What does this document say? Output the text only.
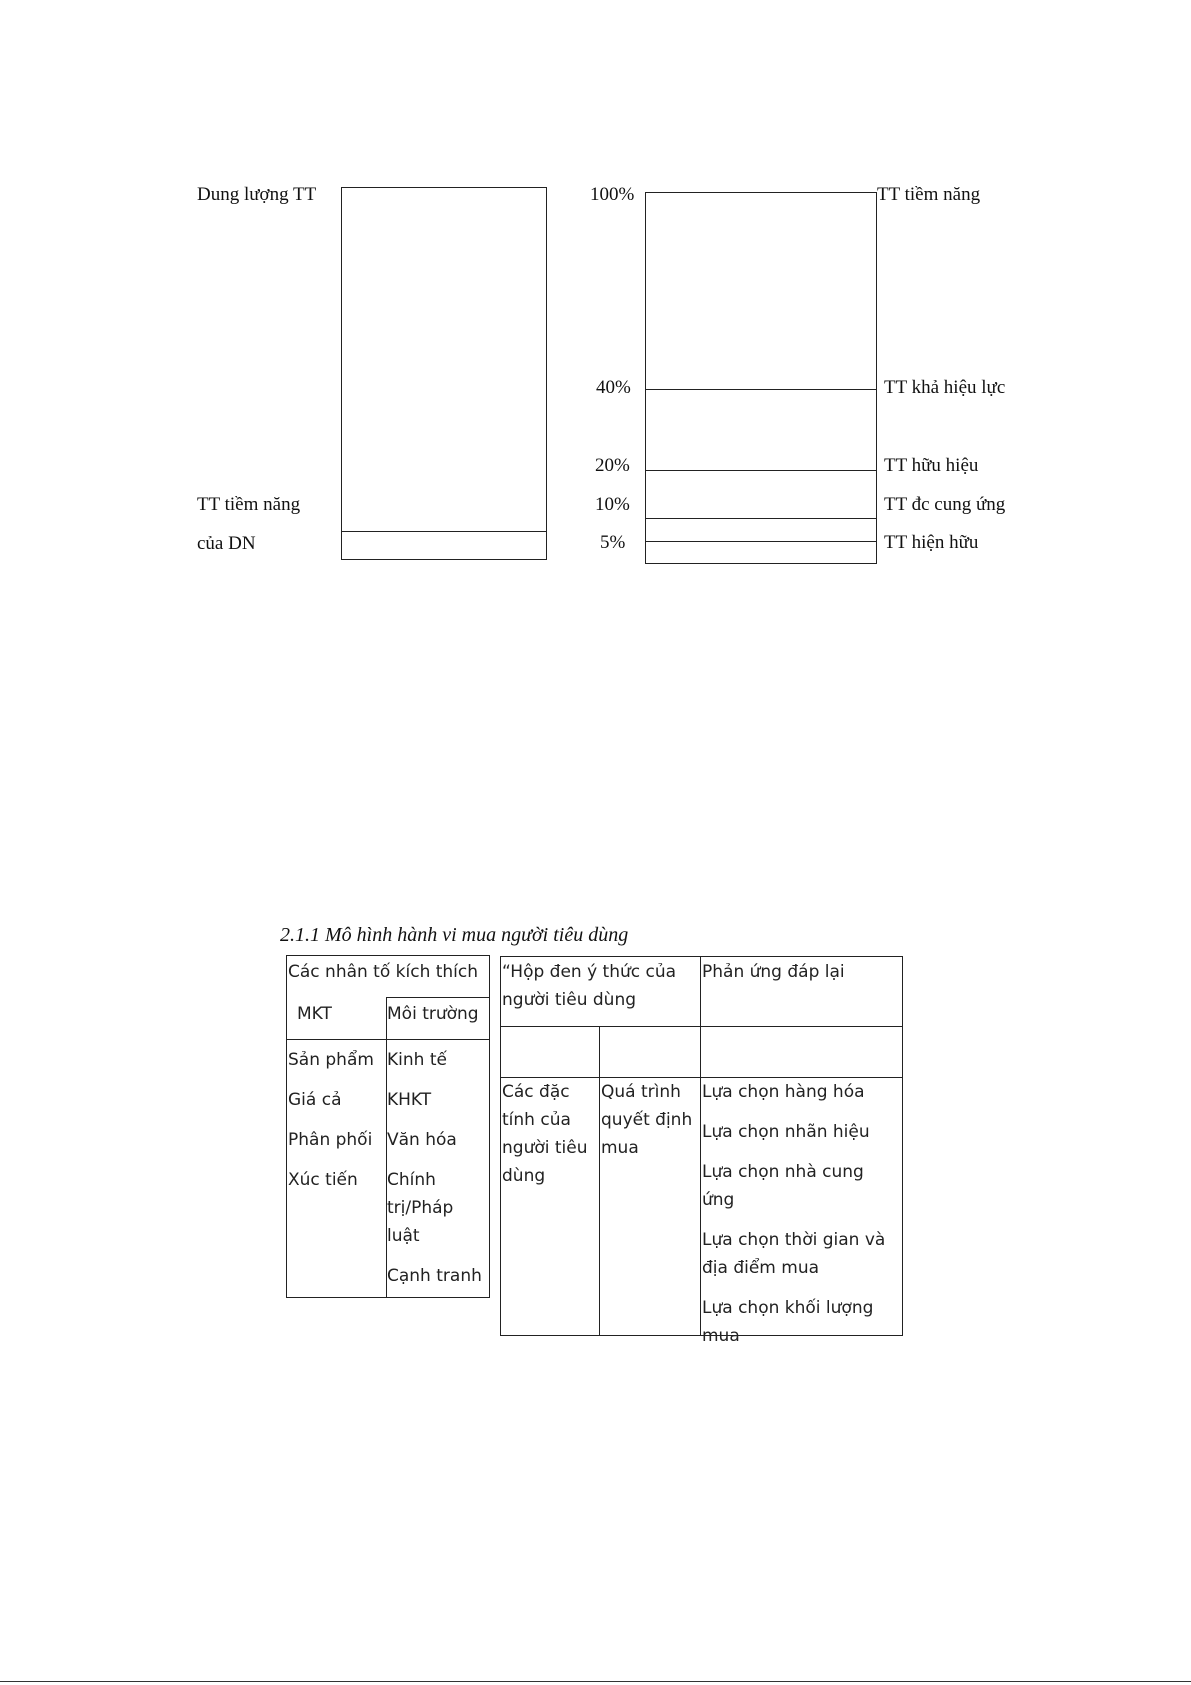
Dung lượng TT
TT tiềm năng
của DN
100%
40%
20%
10%
5%
TT tiềm năng
TT khả hiệu lực
TT hữu hiệu
TT đc cung ứng
TT hiện hữu
2.1.1 Mô hình hành vi mua người tiêu dùng
Các nhân tố kích thích
MKT	Môi trường
Sản phẩm
Giá cả
Phân phối
Xúc tiến
Kinh tế
KHKT
Văn hóa
Chính trị/Pháp luật
Cạnh tranh
“Hộp đen ý thức của người tiêu dùng
Phản ứng đáp lại
Các đặc tính của người tiêu dùng
Quá trình quyết định mua

Lựa chọn hàng hóa

Lựa chọn nhãn hiệu

Lựa chọn nhà cung ứng

Lựa chọn thời gian và địa điểm mua

Lựa chọn khối lượng mua
